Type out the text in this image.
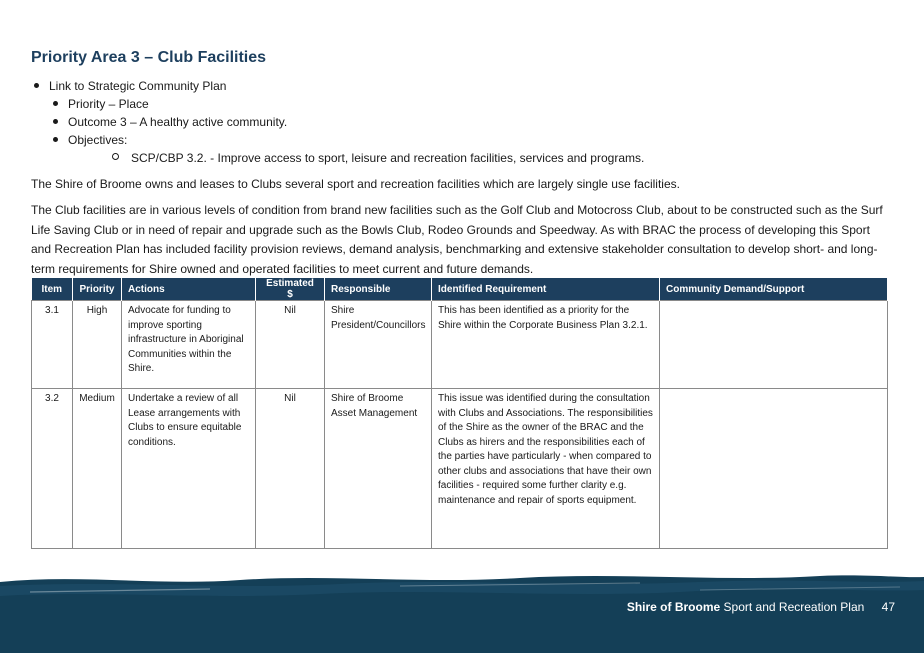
Priority Area 3 – Club Facilities
Link to Strategic Community Plan
Priority – Place
Outcome 3 – A healthy active community.
Objectives:
SCP/CBP 3.2. - Improve access to sport, leisure and recreation facilities, services and programs.

The Shire of Broome owns and leases to Clubs several sport and recreation facilities which are largely single use facilities.

The Club facilities are in various levels of condition from brand new facilities such as the Golf Club and Motocross Club, about to be constructed such as the Surf Life Saving Club or in need of repair and upgrade such as the Bowls Club, Rodeo Grounds and Speedway. As with BRAC the process of developing this Sport and Recreation Plan has included facility provision reviews, demand analysis, benchmarking and extensive stakeholder consultation to develop short- and long-term requirements for Shire owned and operated facilities to meet current and future demands.

Item	Priority	Actions	Estimated $	Responsible	Identified Requirement	Community Demand/Support
3.1	High	Advocate for funding to improve sporting infrastructure in Aboriginal Communities within the Shire.	Nil	Shire President/Councillors	This has been identified as a priority for the Shire within the Corporate Business Plan 3.2.1.	
3.2	Medium	Undertake a review of all Lease arrangements with Clubs to ensure equitable conditions.	Nil	Shire of Broome Asset Management	This issue was identified during the consultation with Clubs and Associations. The responsibilities of the Shire as the owner of the BRAC and the Clubs as hirers and the responsibilities each of the parties have particularly - when compared to other clubs and associations that have their own facilities - required some further clarity e.g. maintenance and repair of sports equipment.	
Shire of Broome Sport and Recreation Plan 47
